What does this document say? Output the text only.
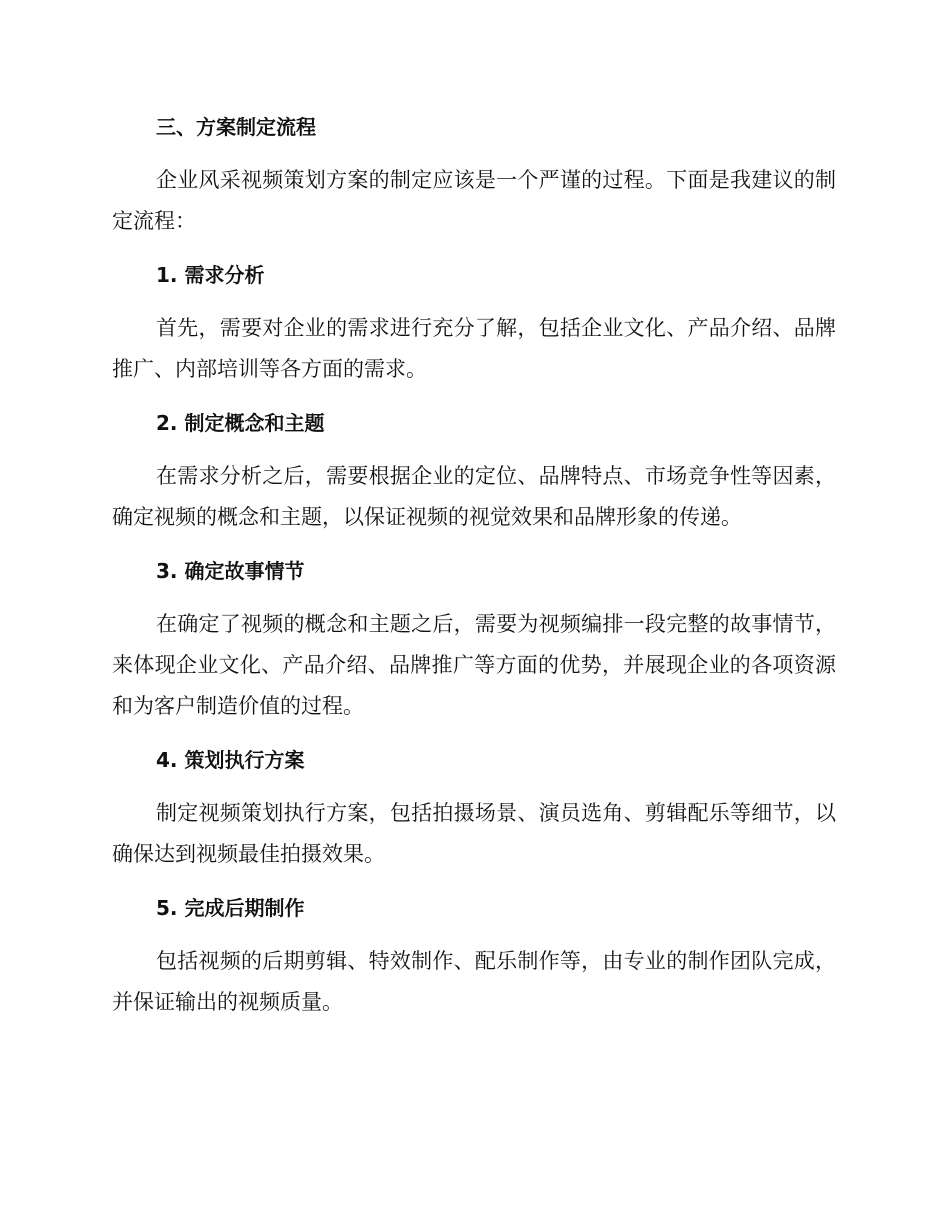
三、方案制定流程

企业风采视频策划方案的制定应该是一个严谨的过程。下面是我建议的制定流程：

1. 需求分析

首先，需要对企业的需求进行充分了解，包括企业文化、产品介绍、品牌推广、内部培训等各方面的需求。

2. 制定概念和主题

在需求分析之后，需要根据企业的定位、品牌特点、市场竞争性等因素，确定视频的概念和主题，以保证视频的视觉效果和品牌形象的传递。

3. 确定故事情节

在确定了视频的概念和主题之后，需要为视频编排一段完整的故事情节，来体现企业文化、产品介绍、品牌推广等方面的优势，并展现企业的各项资源和为客户制造价值的过程。

4. 策划执行方案

制定视频策划执行方案，包括拍摄场景、演员选角、剪辑配乐等细节，以确保达到视频最佳拍摄效果。

5. 完成后期制作

包括视频的后期剪辑、特效制作、配乐制作等，由专业的制作团队完成，并保证输出的视频质量。
